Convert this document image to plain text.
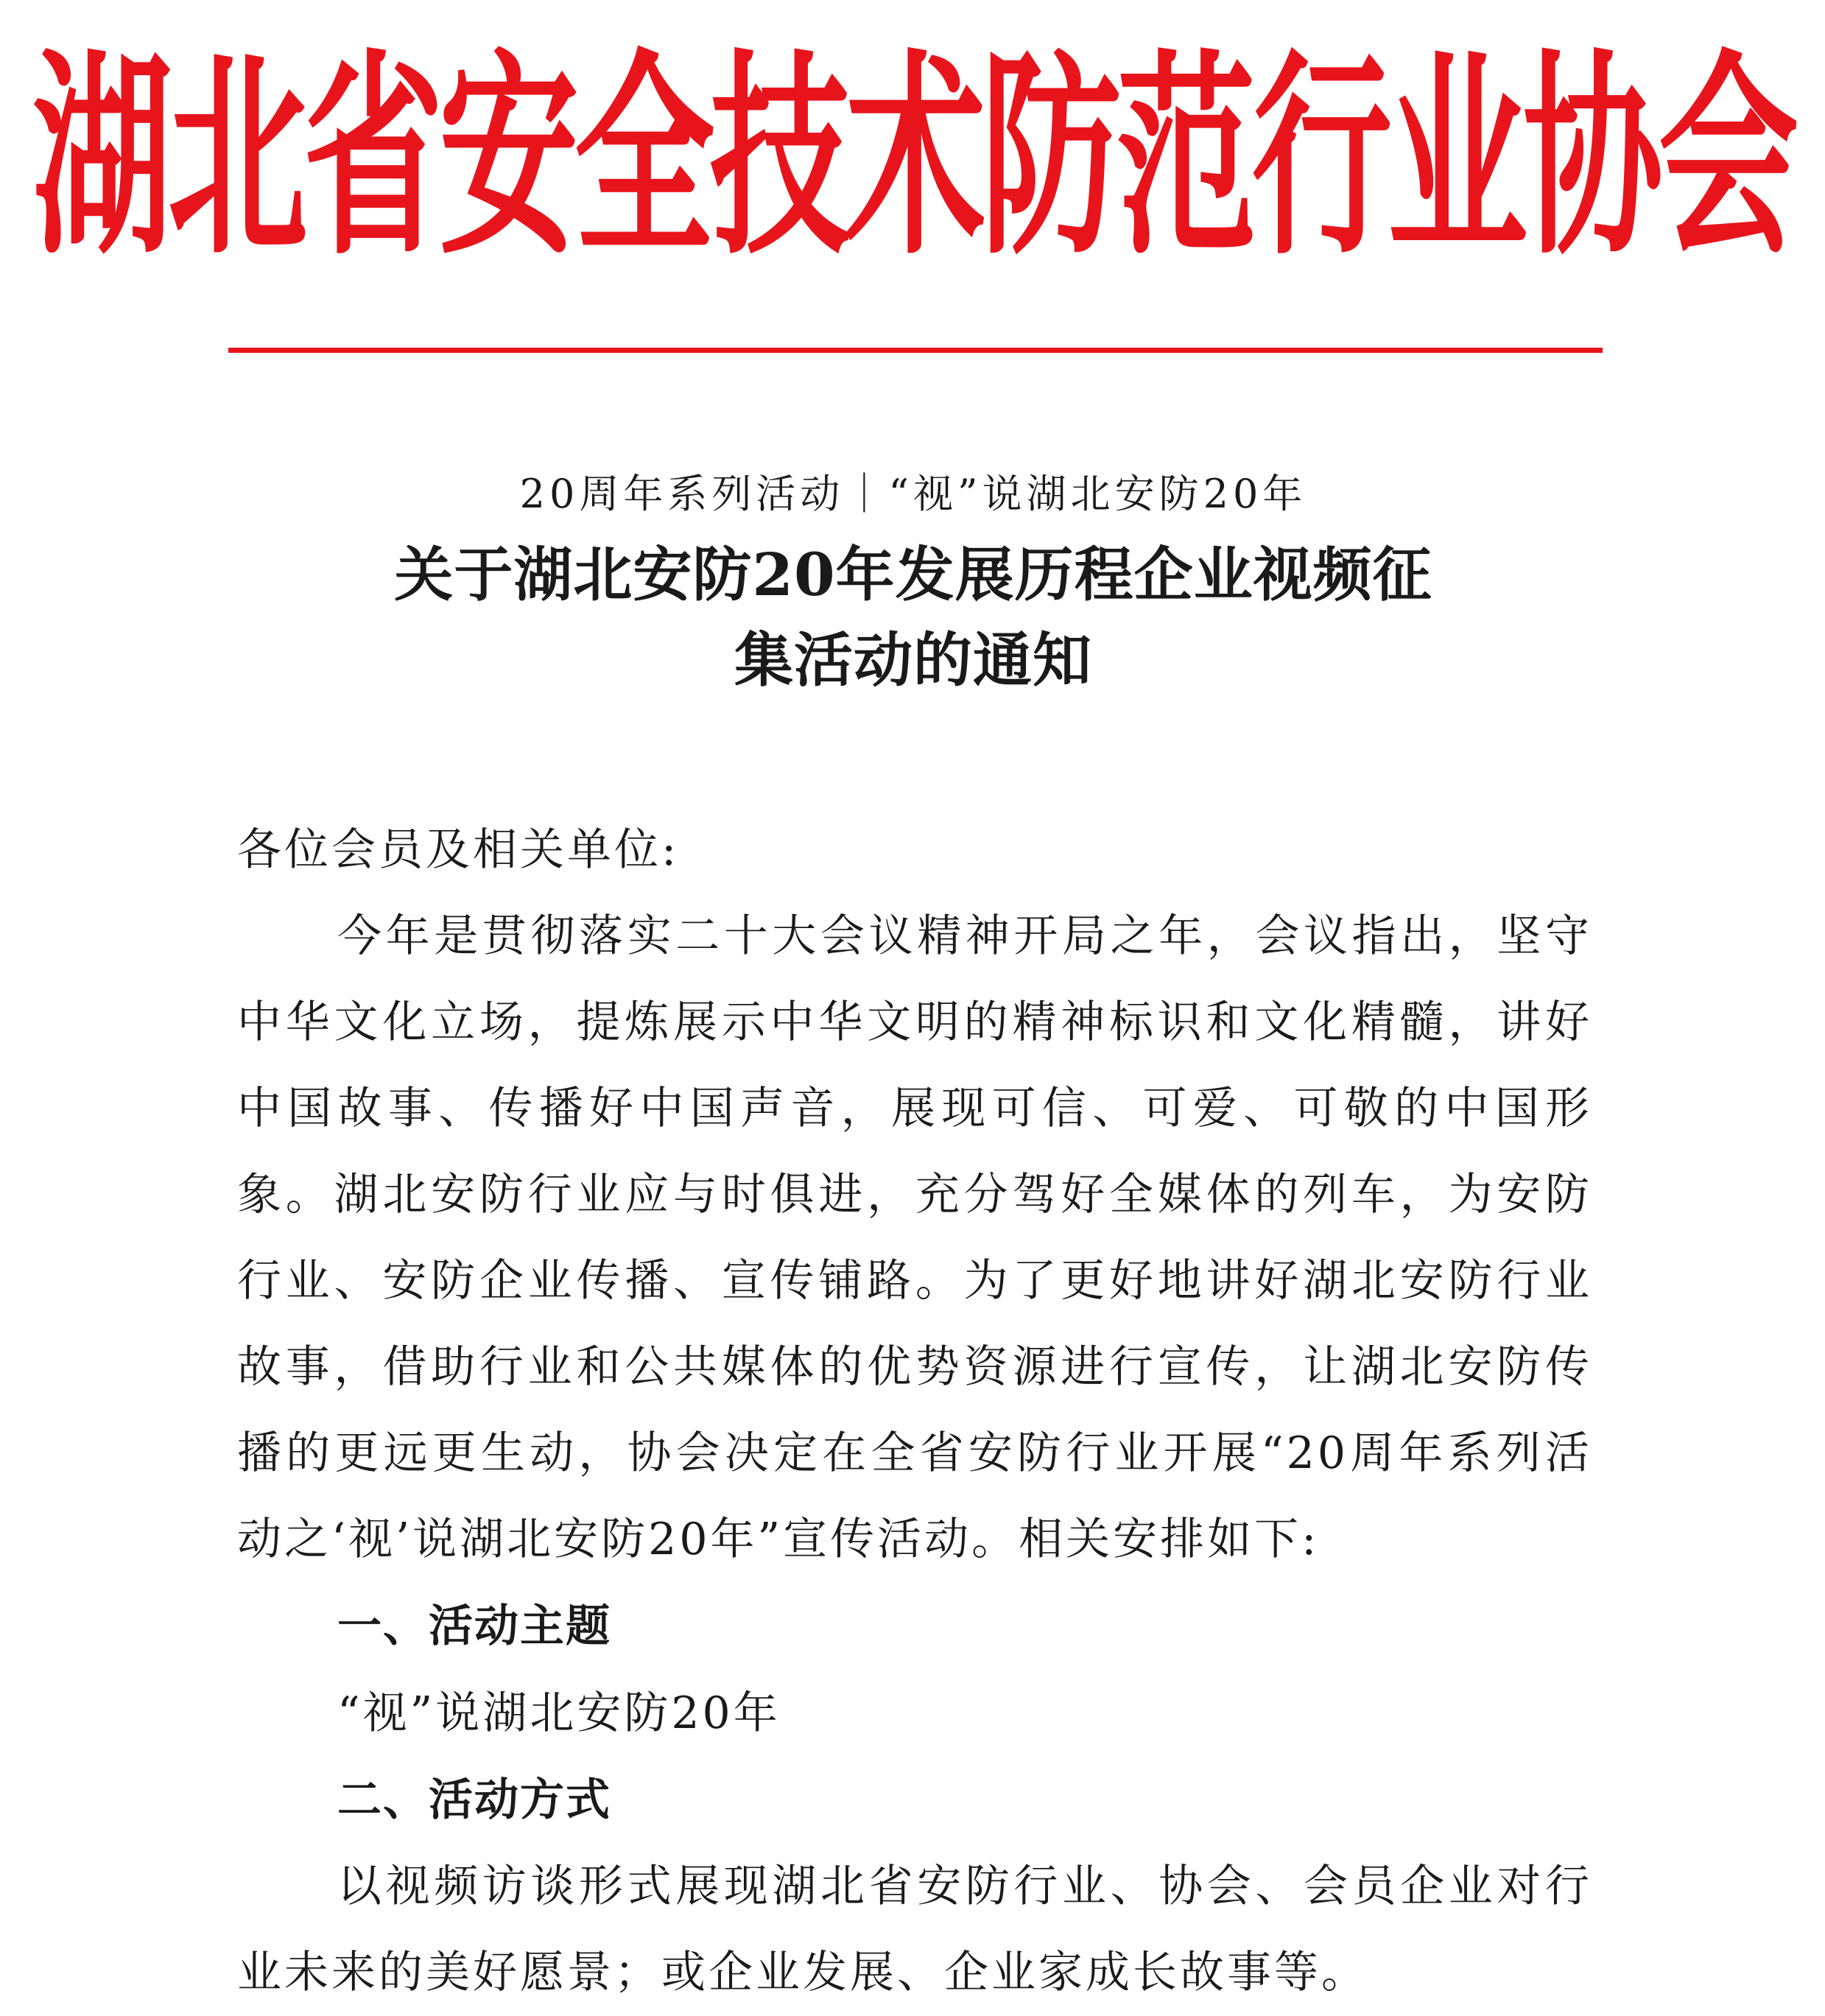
湖北省安全技术防范行业协会
20周年系列活动｜“视”说湖北安防20年
关于湖北安防20年发展历程企业视频征
集活动的通知

各位会员及相关单位:

今年是贯彻落实二十大会议精神开局之年，会议指出，坚守中华文化立场，提炼展示中华文明的精神标识和文化精髓，讲好中国故事、传播好中国声音，展现可信、可爱、可敬的中国形象。湖北安防行业应与时俱进，充分驾好全媒体的列车，为安防行业、安防企业传播、宣传铺路。为了更好地讲好湖北安防行业故事，借助行业和公共媒体的优势资源进行宣传，让湖北安防传播的更远更生动，协会决定在全省安防行业开展“20周年系列活动之‘视’说湖北安防20年”宣传活动。相关安排如下:

一、活动主题

“视”说湖北安防20年

二、活动方式

以视频访谈形式展现湖北省安防行业、协会、会员企业对行业未来的美好愿景；或企业发展、企业家成长故事等。
